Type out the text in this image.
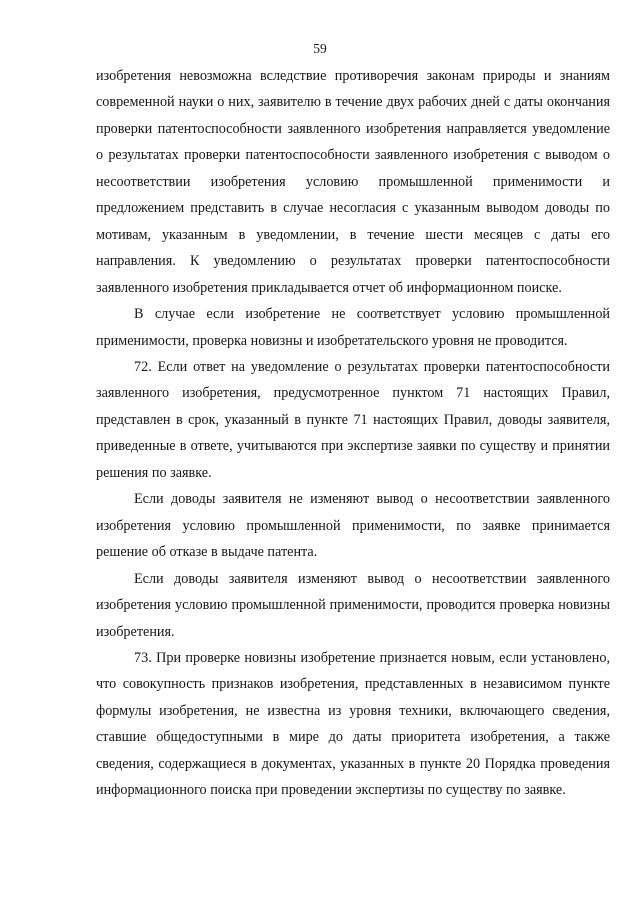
59

изобретения невозможна вследствие противоречия законам природы и знаниям современной науки о них, заявителю в течение двух рабочих дней с даты окончания проверки патентоспособности заявленного изобретения направляется уведомление о результатах проверки патентоспособности заявленного изобретения с выводом о несоответствии изобретения условию промышленной применимости и предложением представить в случае несогласия с указанным выводом доводы по мотивам, указанным в уведомлении, в течение шести месяцев с даты его направления. К уведомлению о результатах проверки патентоспособности заявленного изобретения прикладывается отчет об информационном поиске.

В случае если изобретение не соответствует условию промышленной применимости, проверка новизны и изобретательского уровня не проводится.

72. Если ответ на уведомление о результатах проверки патентоспособности заявленного изобретения, предусмотренное пунктом 71 настоящих Правил, представлен в срок, указанный в пункте 71 настоящих Правил, доводы заявителя, приведенные в ответе, учитываются при экспертизе заявки по существу и принятии решения по заявке.

Если доводы заявителя не изменяют вывод о несоответствии заявленного изобретения условию промышленной применимости, по заявке принимается решение об отказе в выдаче патента.

Если доводы заявителя изменяют вывод о несоответствии заявленного изобретения условию промышленной применимости, проводится проверка новизны изобретения.

73. При проверке новизны изобретение признается новым, если установлено, что совокупность признаков изобретения, представленных в независимом пункте формулы изобретения, не известна из уровня техники, включающего сведения, ставшие общедоступными в мире до даты приоритета изобретения, а также сведения, содержащиеся в документах, указанных в пункте 20 Порядка проведения информационного поиска при проведении экспертизы по существу по заявке.
